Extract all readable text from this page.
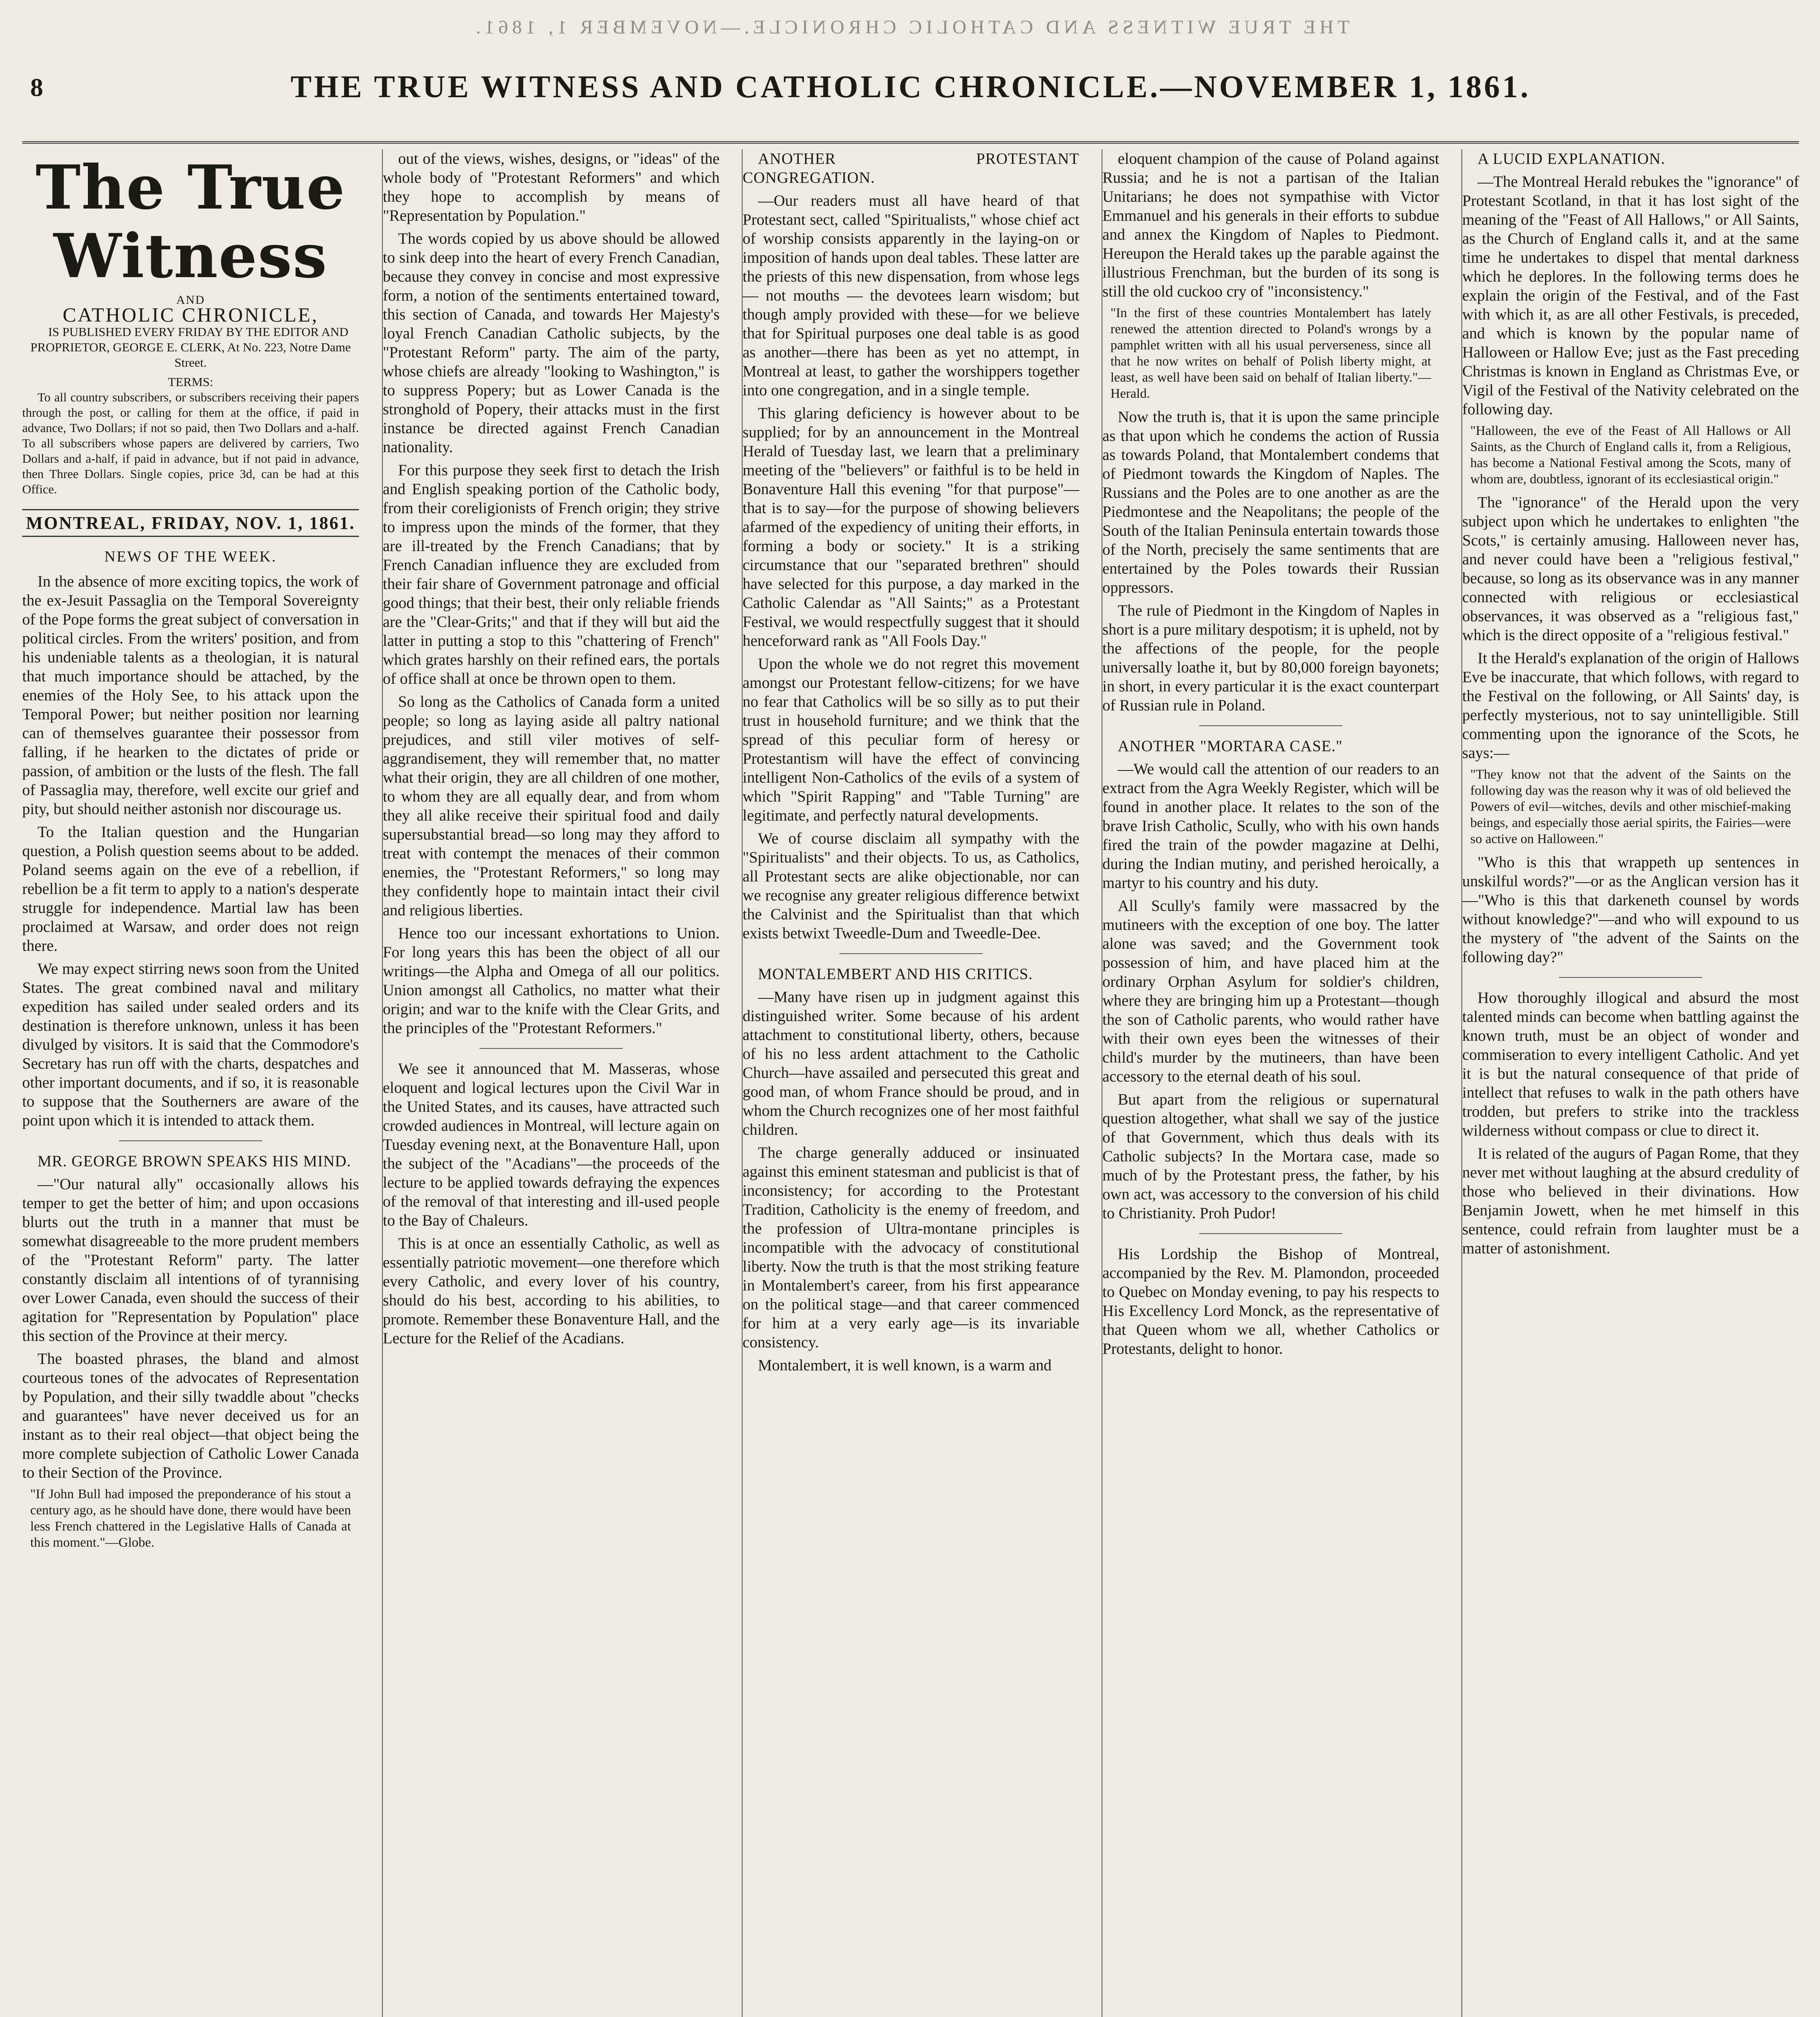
THE TRUE WITNESS AND CATHOLIC CHRONICLE.—NOVEMBER 1, 1861.
8	THE TRUE WITNESS AND CATHOLIC CHRONICLE.—NOVEMBER 1, 1861.
The True Witness
AND
CATHOLIC CHRONICLE,

IS PUBLISHED EVERY FRIDAY BY THE EDITOR AND PROPRIETOR, GEORGE E. CLERK, At No. 223, Notre Dame Street.

TERMS:

To all country subscribers, or subscribers receiving their papers through the post, or calling for them at the office, if paid in advance, Two Dollars; if not so paid, then Two Dollars and a-half. To all subscribers whose papers are delivered by carriers, Two Dollars and a-half, if paid in advance, but if not paid in advance, then Three Dollars. Single copies, price 3d, can be had at this Office.

MONTREAL, FRIDAY, NOV. 1, 1861.
NEWS OF THE WEEK.

In the absence of more exciting topics, the work of the ex-Jesuit Passaglia on the Temporal Sovereignty of the Pope forms the great subject of conversation in political circles. From the writers' position, and from his undeniable talents as a theologian, it is natural that much importance should be attached, by the enemies of the Holy See, to his attack upon the Temporal Power; but neither position nor learning can of themselves guarantee their possessor from falling, if he hearken to the dictates of pride or passion, of ambition or the lusts of the flesh. The fall of Passaglia may, therefore, well excite our grief and pity, but should neither astonish nor discourage us.

To the Italian question and the Hungarian question, a Polish question seems about to be added. Poland seems again on the eve of a rebellion, if rebellion be a fit term to apply to a nation's desperate struggle for independence. Martial law has been proclaimed at Warsaw, and order does not reign there.

We may expect stirring news soon from the United States. The great combined naval and military expedition has sailed under sealed orders and its destination is therefore unknown, unless it has been divulged by visitors. It is said that the Commodore's Secretary has run off with the charts, despatches and other important documents, and if so, it is reasonable to suppose that the Southerners are aware of the point upon which it is intended to attack them.

MR. GEORGE BROWN SPEAKS HIS MIND.

—"Our natural ally" occasionally allows his temper to get the better of him; and upon occasions blurts out the truth in a manner that must be somewhat disagreeable to the more prudent members of the "Protestant Reform" party. The latter constantly disclaim all intentions of of tyrannising over Lower Canada, even should the success of their agitation for "Representation by Population" place this section of the Province at their mercy.

The boasted phrases, the bland and almost courteous tones of the advocates of Representation by Population, and their silly twaddle about "checks and guarantees" have never deceived us for an instant as to their real object—that object being the more complete subjection of Catholic Lower Canada to their Section of the Province.

"If John Bull had imposed the preponderance of his stout a century ago, as he should have done, there would have been less French chattered in the Legislative Halls of Canada at this moment."—Globe.

out of the views, wishes, designs, or "ideas" of the whole body of "Protestant Reformers" and which they hope to accomplish by means of "Representation by Population."

The words copied by us above should be allowed to sink deep into the heart of every French Canadian, because they convey in concise and most expressive form, a notion of the sentiments entertained toward, this section of Canada, and towards Her Majesty's loyal French Canadian Catholic subjects, by the "Protestant Reform" party. The aim of the party, whose chiefs are already "looking to Washington," is to suppress Popery; but as Lower Canada is the stronghold of Popery, their attacks must in the first instance be directed against French Canadian nationality.

For this purpose they seek first to detach the Irish and English speaking portion of the Catholic body, from their coreligionists of French origin; they strive to impress upon the minds of the former, that they are ill-treated by the French Canadians; that by French Canadian influence they are excluded from their fair share of Government patronage and official good things; that their best, their only reliable friends are the "Clear-Grits;" and that if they will but aid the latter in putting a stop to this "chattering of French" which grates harshly on their refined ears, the portals of office shall at once be thrown open to them.

So long as the Catholics of Canada form a united people; so long as laying aside all paltry national prejudices, and still viler motives of self-aggrandisement, they will remember that, no matter what their origin, they are all children of one mother, to whom they are all equally dear, and from whom they all alike receive their spiritual food and daily supersubstantial bread—so long may they afford to treat with contempt the menaces of their common enemies, the "Protestant Reformers," so long may they confidently hope to maintain intact their civil and religious liberties.

Hence too our incessant exhortations to Union. For long years this has been the object of all our writings—the Alpha and Omega of all our politics. Union amongst all Catholics, no matter what their origin; and war to the knife with the Clear Grits, and the principles of the "Protestant Reformers."

We see it announced that M. Masseras, whose eloquent and logical lectures upon the Civil War in the United States, and its causes, have attracted such crowded audiences in Montreal, will lecture again on Tuesday evening next, at the Bonaventure Hall, upon the subject of the "Acadians"—the proceeds of the lecture to be applied towards defraying the expences of the removal of that interesting and ill-used people to the Bay of Chaleurs.

This is at once an essentially Catholic, as well as essentially patriotic movement—one therefore which every Catholic, and every lover of his country, should do his best, according to his abilities, to promote. Remember these Bonaventure Hall, and the Lecture for the Relief of the Acadians.

ANOTHER PROTESTANT CONGREGATION.

—Our readers must all have heard of that Protestant sect, called "Spiritualists," whose chief act of worship consists apparently in the laying-on or imposition of hands upon deal tables. These latter are the priests of this new dispensation, from whose legs — not mouths — the devotees learn wisdom; but though amply provided with these—for we believe that for Spiritual purposes one deal table is as good as another—there has been as yet no attempt, in Montreal at least, to gather the worshippers together into one congregation, and in a single temple.

This glaring deficiency is however about to be supplied; for by an announcement in the Montreal Herald of Tuesday last, we learn that a preliminary meeting of the "believers" or faithful is to be held in Bonaventure Hall this evening "for that purpose"—that is to say—for the purpose of showing believers afarmed of the expediency of uniting their efforts, in forming a body or society." It is a striking circumstance that our "separated brethren" should have selected for this purpose, a day marked in the Catholic Calendar as "All Saints;" as a Protestant Festival, we would respectfully suggest that it should henceforward rank as "All Fools Day."

Upon the whole we do not regret this movement amongst our Protestant fellow-citizens; for we have no fear that Catholics will be so silly as to put their trust in household furniture; and we think that the spread of this peculiar form of heresy or Protestantism will have the effect of convincing intelligent Non-Catholics of the evils of a system of which "Spirit Rapping" and "Table Turning" are legitimate, and perfectly natural developments.

We of course disclaim all sympathy with the "Spiritualists" and their objects. To us, as Catholics, all Protestant sects are alike objectionable, nor can we recognise any greater religious difference betwixt the Calvinist and the Spiritualist than that which exists betwixt Tweedle-Dum and Tweedle-Dee.

MONTALEMBERT AND HIS CRITICS.

—Many have risen up in judgment against this distinguished writer. Some because of his ardent attachment to constitutional liberty, others, because of his no less ardent attachment to the Catholic Church—have assailed and persecuted this great and good man, of whom France should be proud, and in whom the Church recognizes one of her most faithful children.

The charge generally adduced or insinuated against this eminent statesman and publicist is that of inconsistency; for according to the Protestant Tradition, Catholicity is the enemy of freedom, and the profession of Ultra-montane principles is incompatible with the advocacy of constitutional liberty. Now the truth is that the most striking feature in Montalembert's career, from his first appearance on the political stage—and that career commenced for him at a very early age—is its invariable consistency.

Montalembert, it is well known, is a warm and

eloquent champion of the cause of Poland against Russia; and he is not a partisan of the Italian Unitarians; he does not sympathise with Victor Emmanuel and his generals in their efforts to subdue and annex the Kingdom of Naples to Piedmont. Hereupon the Herald takes up the parable against the illustrious Frenchman, but the burden of its song is still the old cuckoo cry of "inconsistency."

"In the first of these countries Montalembert has lately renewed the attention directed to Poland's wrongs by a pamphlet written with all his usual perverseness, since all that he now writes on behalf of Polish liberty might, at least, as well have been said on behalf of Italian liberty."—Herald.

Now the truth is, that it is upon the same principle as that upon which he condems the action of Russia as towards Poland, that Montalembert condems that of Piedmont towards the Kingdom of Naples. The Russians and the Poles are to one another as are the Piedmontese and the Neapolitans; the people of the South of the Italian Peninsula entertain towards those of the North, precisely the same sentiments that are entertained by the Poles towards their Russian oppressors.

The rule of Piedmont in the Kingdom of Naples in short is a pure military despotism; it is upheld, not by the affections of the people, for the people universally loathe it, but by 80,000 foreign bayonets; in short, in every particular it is the exact counterpart of Russian rule in Poland.

ANOTHER "MORTARA CASE."

—We would call the attention of our readers to an extract from the Agra Weekly Register, which will be found in another place. It relates to the son of the brave Irish Catholic, Scully, who with his own hands fired the train of the powder magazine at Delhi, during the Indian mutiny, and perished heroically, a martyr to his country and his duty.

All Scully's family were massacred by the mutineers with the exception of one boy. The latter alone was saved; and the Government took possession of him, and have placed him at the ordinary Orphan Asylum for soldier's children, where they are bringing him up a Protestant—though the son of Catholic parents, who would rather have with their own eyes been the witnesses of their child's murder by the mutineers, than have been accessory to the eternal death of his soul.

But apart from the religious or supernatural question altogether, what shall we say of the justice of that Government, which thus deals with its Catholic subjects? In the Mortara case, made so much of by the Protestant press, the father, by his own act, was accessory to the conversion of his child to Christianity. Proh Pudor!

His Lordship the Bishop of Montreal, accompanied by the Rev. M. Plamondon, proceeded to Quebec on Monday evening, to pay his respects to His Excellency Lord Monck, as the representative of that Queen whom we all, whether Catholics or Protestants, delight to honor.

A LUCID EXPLANATION.

—The Montreal Herald rebukes the "ignorance" of Protestant Scotland, in that it has lost sight of the meaning of the "Feast of All Hallows," or All Saints, as the Church of England calls it, and at the same time he undertakes to dispel that mental darkness which he deplores. In the following terms does he explain the origin of the Festival, and of the Fast with which it, as are all other Festivals, is preceded, and which is known by the popular name of Halloween or Hallow Eve; just as the Fast preceding Christmas is known in England as Christmas Eve, or Vigil of the Festival of the Nativity celebrated on the following day.

"Halloween, the eve of the Feast of All Hallows or All Saints, as the Church of England calls it, from a Religious, has become a National Festival among the Scots, many of whom are, doubtless, ignorant of its ecclesiastical origin."

The "ignorance" of the Herald upon the very subject upon which he undertakes to enlighten "the Scots," is certainly amusing. Halloween never has, and never could have been a "religious festival," because, so long as its observance was in any manner connected with religious or ecclesiastical observances, it was observed as a "religious fast," which is the direct opposite of a "religious festival."

It the Herald's explanation of the origin of Hallows Eve be inaccurate, that which follows, with regard to the Festival on the following, or All Saints' day, is perfectly mysterious, not to say unintelligible. Still commenting upon the ignorance of the Scots, he says:—

"They know not that the advent of the Saints on the following day was the reason why it was of old believed the Powers of evil—witches, devils and other mischief-making beings, and especially those aerial spirits, the Fairies—were so active on Halloween."

"Who is this that wrappeth up sentences in unskilful words?"—or as the Anglican version has it—"Who is this that darkeneth counsel by words without knowledge?"—and who will expound to us the mystery of "the advent of the Saints on the following day?"

How thoroughly illogical and absurd the most talented minds can become when battling against the known truth, must be an object of wonder and commiseration to every intelligent Catholic. And yet it is but the natural consequence of that pride of intellect that refuses to walk in the path others have trodden, but prefers to strike into the trackless wilderness without compass or clue to direct it.

It is related of the augurs of Pagan Rome, that they never met without laughing at the absurd credulity of those who believed in their divinations. How Benjamin Jowett, when he met himself in this sentence, could refrain from laughter must be a matter of astonishment.
